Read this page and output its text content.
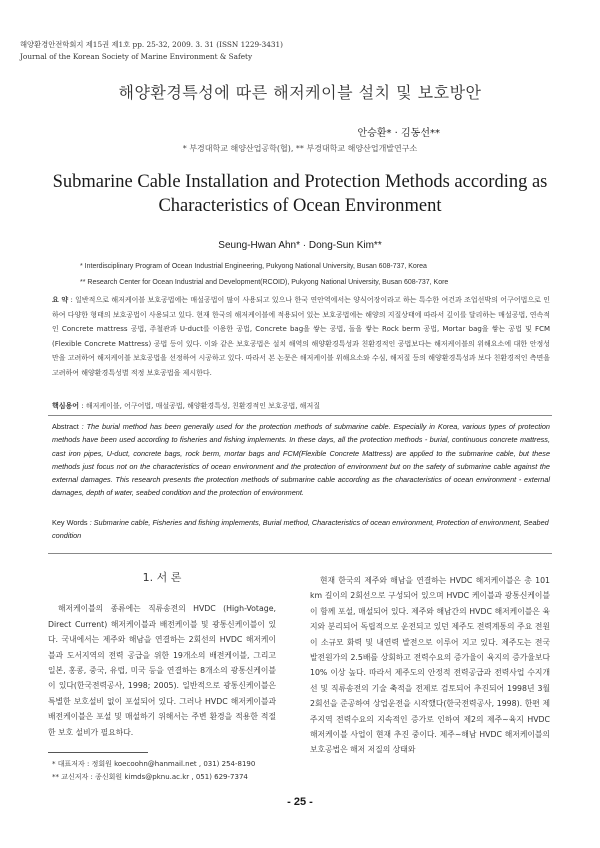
해양환경안전학회지 제15권 제1호 pp. 25-32, 2009. 3. 31 (ISSN 1229-3431)
Journal of the Korean Society of Marine Environment & Safety
해양환경특성에 따른 해저케이블 설치 및 보호방안
안승환* · 김동선**
* 부경대학교 해양산업공학(협), ** 부경대학교 해양산업개발연구소
Submarine Cable Installation and Protection Methods according as
Characteristics of Ocean Environment
Seung-Hwan Ahn* · Dong-Sun Kim**
* Interdisciplinary Program of Ocean Industrial Engineering, Pukyong National University, Busan 608-737, Korea
** Research Center for Ocean Industrial and Development(RCOID), Pukyong National University, Busan 608-737, Kore
요 약 : 일반적으로 해저케이블 보호공법에는 매설공법이 많이 사용되고 있으나 한국 연안역에서는 양식어장이라고 하는 특수한 여건과 조업선박의 어구어법으로 인하여 다양한 형태의 보호공법이 사용되고 있다. 현재 한국의 해저케이블에 적용되어 있는 보호공법에는 해양의 지질상태에 따라서 깊이를 달리하는 매설공법, 연속적인 Concrete mattress 공법, 주철관과 U-duct를 이용한 공법, Concrete bag을 쌓는 공법, 돌을 쌓는 Rock berm 공법, Mortar bag을 쌓는 공법 및 FCM (Flexible Concrete Mattress) 공법 등이 있다. 이와 같은 보호공법은 설치 해역의 해양환경특성과 친환경적인 공법보다는 해저케이블의 위해요소에 대한 안정성만을 고려하여 해저케이블 보호공법을 선정하여 시공하고 있다. 따라서 본 논문은 해저케이블 위해요소와 수심, 해저질 등의 해양환경특성과 보다 친환경적인 측면을 고려하여 해양환경특성별 적정 보호공법을 제시한다.
핵심용어 : 해저케이블, 어구어법, 매설공법, 해양환경특성, 친환경적인 보호공법, 해저질
Abstract : The burial method has been generally used for the protection methods of submarine cable. Especially in Korea, various types of protection methods have been used according to fisheries and fishing implements. In these days, all the protection methods - burial, continuous concrete mattress, cast iron pipes, U-duct, concrete bags, rock berm, mortar bags and FCM(Flexible Concrete Mattress) are applied to the submarine cable, but these methods just focus not on the characteristics of ocean environment and the protection of environment but on the safety of submarine cable against the external damages. This research presents the protection methods of submarine cable according as the characteristics of ocean environment - external damages, depth of water, seabed condition and the protection of environment.
Key Words : Submarine cable, Fisheries and fishing implements, Burial method, Characteristics of ocean environment, Protection of environment, Seabed condition
1. 서 론
해저케이블의 종류에는 직류송전의 HVDC (High-Votage, Direct Current) 해저케이블과 배전케이블 및 광통신케이블이 있다. 국내에서는 제주와 해남을 연결하는 2회선의 HVDC 해저케이블과 도서지역의 전력 공급을 위한 19개소의 배전케이블, 그리고 일본, 홍콩, 중국, 유럽, 미국 등을 연결하는 8개소의 광통신케이블이 있다(한국전력공사, 1998; 2005). 일반적으로 광통신케이블은 특별한 보호설비 없이 포설되어 있다. 그러나 HVDC 해저케이블과 배전케이블은 포설 및 매설하기 위해서는 주변 환경을 적용한 적절한 보호 설비가 필요하다.
현재 한국의 제주와 해남을 연결하는 HVDC 해저케이블은 총 101 km 길이의 2회선으로 구성되어 있으며 HVDC 케이블과 광통신케이블이 함께 포설, 매설되어 있다. 제주와 해남간의 HVDC 해저케이블은 육지와 분리되어 독립적으로 운전되고 있던 제주도 전력계통의 주요 전원이 소규모 화력 및 내연력 발전으로 이루어 지고 있다. 제주도는 전국 발전원가의 2.5배를 상회하고 전력수요의 증가율이 육지의 증가율보다 10% 이상 높다. 따라서 제주도의 안정적 전력공급과 전력사업 수지개선 및 직류송전의 기술 축적을 전제로 검토되어 추진되어 1998년 3월 2회선을 준공하여 상업운전을 시작했다(한국전력공사, 1998). 한편 제주지역 전력수요의 지속적인 증가로 인하여 제2의 제주~육지 HVDC 해저케이블 사업이 현재 추진 중이다. 제주~해남 HVDC 해저케이블의 보호공법은 해저 저질의 상태와
* 대표저자 : 정회원 koecoohn@hanmail.net , 031) 254-8190
** 교신저자 : 종신회원 kimds@pknu.ac.kr , 051) 629-7374
- 25 -
